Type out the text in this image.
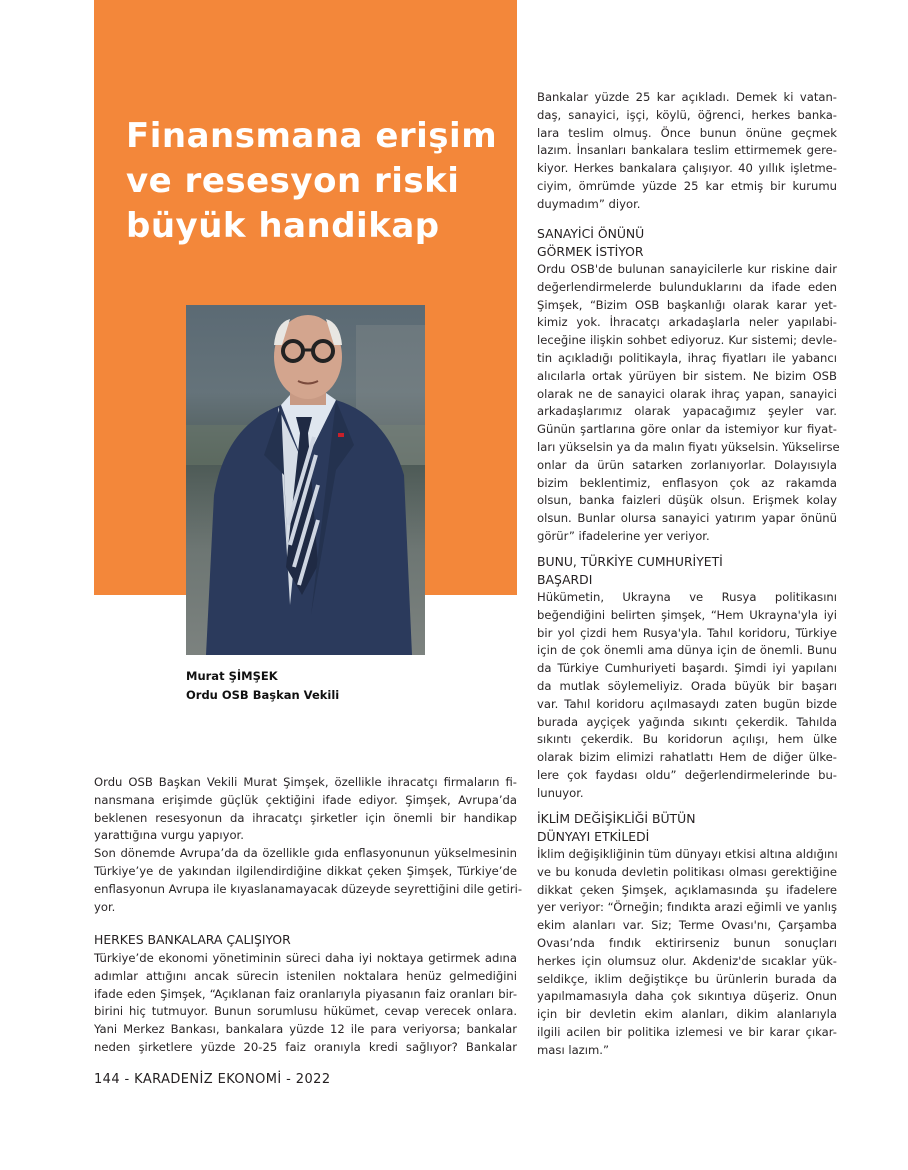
Finansmana erişim
ve resesyon riski
büyük handikap
Murat ŞİMŞEK
Ordu OSB Başkan Vekili
Ordu OSB Başkan Vekili Murat Şimşek, özellikle ihracatçı firmaların fi-
nansmana erişimde güçlük çektiğini ifade ediyor. Şimşek, Avrupa’da
beklenen resesyonun da ihracatçı şirketler için önemli bir handikap
yarattığına vurgu yapıyor.
Son dönemde Avrupa’da da özellikle gıda enflasyonunun yükselmesinin
Türkiye’ye de yakından ilgilendirdiğine dikkat çeken Şimşek, Türkiye’de
enflasyonun Avrupa ile kıyaslanamayacak düzeyde seyrettiğini dile getiri-
yor.
HERKES BANKALARA ÇALIŞIYOR
Türkiye’de ekonomi yönetiminin süreci daha iyi noktaya getirmek adına
adımlar attığını ancak sürecin istenilen noktalara henüz gelmediğini
ifade eden Şimşek, “Açıklanan faiz oranlarıyla piyasanın faiz oranları bir-
birini hiç tutmuyor. Bunun sorumlusu hükümet, cevap verecek onlara.
Yani Merkez Bankası, bankalara yüzde 12 ile para veriyorsa; bankalar
neden şirketlere yüzde 20-25 faiz oranıyla kredi sağlıyor? Bankalar
Bankalar yüzde 25 kar açıkladı. Demek ki vatan-
daş, sanayici, işçi, köylü, öğrenci, herkes banka-
lara teslim olmuş. Önce bunun önüne geçmek
lazım. İnsanları bankalara teslim ettirmemek gere-
kiyor. Herkes bankalara çalışıyor. 40 yıllık işletme-
ciyim, ömrümde yüzde 25 kar etmiş bir kurumu
duymadım” diyor.
SANAYİCİ ÖNÜNÜ
GÖRMEK İSTİYOR
Ordu OSB'de bulunan sanayicilerle kur riskine dair
değerlendirmelerde bulunduklarını da ifade eden
Şimşek, “Bizim OSB başkanlığı olarak karar yet-
kimiz yok. İhracatçı arkadaşlarla neler yapılabi-
leceğine ilişkin sohbet ediyoruz. Kur sistemi; devle-
tin açıkladığı politikayla, ihraç fiyatları ile yabancı
alıcılarla ortak yürüyen bir sistem. Ne bizim OSB
olarak ne de sanayici olarak ihraç yapan, sanayici
arkadaşlarımız olarak yapacağımız şeyler var.
Günün şartlarına göre onlar da istemiyor kur fiyat-
ları yükselsin ya da malın fiyatı yükselsin. Yükselirse
onlar da ürün satarken zorlanıyorlar. Dolayısıyla
bizim beklentimiz, enflasyon çok az rakamda
olsun, banka faizleri düşük olsun. Erişmek kolay
olsun. Bunlar olursa sanayici yatırım yapar önünü
görür” ifadelerine yer veriyor.
BUNU, TÜRKİYE CUMHURİYETİ
BAŞARDI
Hükümetin, Ukrayna ve Rusya politikasını
beğendiğini belirten şimşek, “Hem Ukrayna'yla iyi
bir yol çizdi hem Rusya'yla. Tahıl koridoru, Türkiye
için de çok önemli ama dünya için de önemli. Bunu
da Türkiye Cumhuriyeti başardı. Şimdi iyi yapılanı
da mutlak söylemeliyiz. Orada büyük bir başarı
var. Tahıl koridoru açılmasaydı zaten bugün bizde
burada ayçiçek yağında sıkıntı çekerdik. Tahılda
sıkıntı çekerdik. Bu koridorun açılışı, hem ülke
olarak bizim elimizi rahatlattı Hem de diğer ülke-
lere çok faydası oldu” değerlendirmelerinde bu-
lunuyor.
İKLİM DEĞİŞİKLİĞİ BÜTÜN
DÜNYAYI ETKİLEDİ
İklim değişikliğinin tüm dünyayı etkisi altına aldığını
ve bu konuda devletin politikası olması gerektiğine
dikkat çeken Şimşek, açıklamasında şu ifadelere
yer veriyor: “Örneğin; fındıkta arazi eğimli ve yanlış
ekim alanları var. Siz; Terme Ovası'nı, Çarşamba
Ovası’nda fındık ektirirseniz bunun sonuçları
herkes için olumsuz olur. Akdeniz'de sıcaklar yük-
seldikçe, iklim değiştikçe bu ürünlerin burada da
yapılmamasıyla daha çok sıkıntıya düşeriz. Onun
için bir devletin ekim alanları, dikim alanlarıyla
ilgili acilen bir politika izlemesi ve bir karar çıkar-
ması lazım.”
144 - KARADENİZ EKONOMİ - 2022
